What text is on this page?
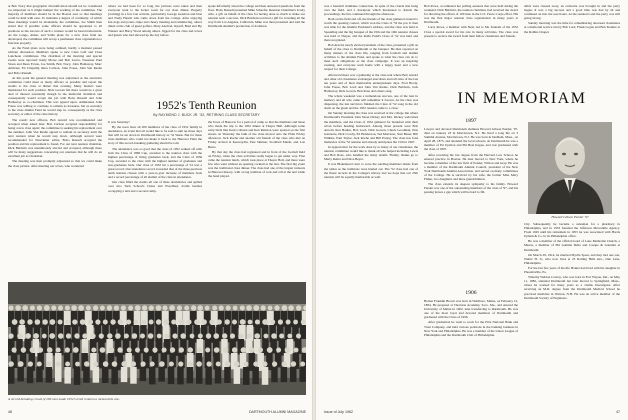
at Bob Tracy that geographic diversification should not be considered too important as it might hamper the working of the committee. The majority of members should be in the Boston area so that meetings could be held with ease. To maintain a degree of continuity, of which these meetings would be invaluable, the committee, Joe Smith then stated that if possible some officers should be appointed to all positions as the success of such a venture would be heard nationwide. As the Lange, Alden, and Sabin plans for a new class fund are developed, the committee will set up a permanent class organization to function properly.

As the Fund plans were being outlined, hardly a moment passed without discussion. Members spoke to new Class Golf and Class Luncheon committees. The chairman of the morning and special events were reported: Kelly Morse and Bob Lewis, Treasurer Paul Sloan and Dean Evans, Joe Smith, Bob Tracy, John Hathaway, Marc Ambrust, Ed Cinquilly, Russ Carlson, John Fouse, John Van Raalte and Bobo Russell.

At this point the general meeting was adjourned as the executive committee could meet as many officers as possible and report the results to the class at dinner that evening. Many matters were mentioned for each position. Dick Gowen felt there would be a great deal of interest eventually though in the memorial chairman and consequently would accept the job with Bobo Russell and John Hathaway as co-chairmen. This was agreed upon. Admiralsen John Fouse was willing to continue to remain as treasurer, but as secretary to the class alumni Fund he would step in, consequently as the class secretary or editor of the class history.

The result: new officers, Bob Arnold was recommended and accepted when asked later. Bob Carlson accepted responsibility for being a new class agent; the committee is seeking his replacement over the summer. John Van Raalte agreed to remain as secretary until the next reunion when he would step down. Although several were recommended for Newsletter editor, Bobo Russell accepted the position and his replacement is found. For our next reunion chairman, Dick Baldwin was unanimously elected and accepted, although there will be many suggestions concerning our reunions that he will do an excellent job as Chairman.

The meeting was then promptly adjourned so that we could make the class picture. After meeting our wives, who wondered

where we had been for so long, the pictures were taken and then everyone went to the locker room for our class dinner. Hogerty (coming) in a few late arrivals, particularly George Gendron and Don and Trudy Hewitt who came down from the cottage. After enjoying fun dogs and potato chips and cheery meeting and reminiscing, others dined at the club of guest golfers, Mary Axelrod, myself, Brad and Pip Wanzer and Harry Wood among others. Jigged for the class and wives and guests who had showed up the day before.

spoke informally about the college and then answered questions from the floor. Bobo Russell presented Mike Schaefer, Reunion Chairman's lovely wife, a gift on behalf of the class for having done so much to make our reunion such a success. Dick Baldwin received a gift for traveling all the way from Los Angeles, California. Mike was then presented and said the Dartmouth Alumni's production of Al Ahern.

1952's Tenth Reunion
By RAYMOND J. BUCK JR. '52, RETIRING CLASS SECRETARY

It was Saturday!

By the noon hour all 200 members of the class of 1952 family in attendance, an event that all would like to be said to sum up those days that will be set down in Dartmouth history as '52 Week. But for these class members who could not make it back to the Hanover Plain the story of this record-breaking gathering should be told.

The attendance was so good that the class of 1952 walked off with both the Class of 1896 Cup, awarded to the reunion class with the highest percentage of living graduates back, and the Class of 1936 Cup, awarded to the class with the highest number of graduates and non-graduates back. Our class of 1952 hit a percentage of 54 was a great record. Our attendance record exceeded that of the three previous tenth reunion classes with a year-to-year increase of members back and a record percentage of all alumni of the class in attendance.

Our class filled the dorms all one of three dormitories and spilled over into Tuck School's Chase and Woodbury dorms besides occupying a tent and a second camp.

the Town of Hanover for a period of camp so that the members and those who made the trip to the 1952 dinner at Thayer Hall. Although some early birds like Kent Colburn and Ken Remson were spotted on the first streets on Thursday the bulk of the class moved onto the Plain Friday afternoon. Jack Roche and another old friends of the class who met on Friday arrived at Keewaydin, Pete Skinner, Stoddard Marsh, and Lou Beers.

By that day the class had registered and in front of the football field on Friday, when the class activities really began to get under way. First came the reunion lunch, which took place at Thayer Hall, and there were few who went without an opening cocktail at the tent. The first big event was the traditional class dinner. The class had one of the largest turnouts in Hanover history, with a long tradition of rock and roll at the tent while the band played.

A record-breaking crowd of 206 men made 1952's tenth reunion a memorable one.
46	DARTMOUTH ALUMNI MAGAZINE

was a baseball clambake connection. In spite of the clouds that hung over the field, and a downpour which threatened to drench the proceedings, the fun continued through the afternoon.

Both on the field and off, the friends of the class gathered around to watch the opening contest, which won the Class of '52 the pot. It then was time for the Alumni President's address, and the class was held at Spaulding and the big banquet of the 25th and the 10th reunion classes was held at Thayer, and the Rolfe Fund's Class of '52 was held and then recognized.

Bob Arnold, newly elected president of the class, presented a gift on behalf of the class to Dartmouth at the banquet. He then reported on many matters of the class life, ranging from football and alumni activities to the Alumni Fund, and spoke to what the class can do to meet such obligations as the class campaign. It was an inspiring evening, and everyone went home with a happy heart and a new respect for their College.

Afterward there was a gathering at the class tent where Bob Arnold and other old classmates exchanged anecdotes and tall tales of the last ten years and of their memorable undergraduate days. Fred Brody, John Fouse, Bob Loeb and John Van Raalte, Dick Baldwin, Jack Hathaway, Dick Gowen, Bob Rose and others sang.

The whole weekend was a tremendous success, one of the best in memory and all who came will remember it forever. As the class was dispersing, the last survivors finished the Class of '52 song in the old dorm on the green and the 1952 reunion came to a close.

On Sunday morning the class was received at the college Inn where Dartmouth's President John Sloan Dickey and Mrs. Dickey welcomed the members, and the Class of 1952 gathered for breakfast with their wives before heading homeward. Among those present were Bob Arnold, Ron Barker, Bob Loeb, Dick Gowen, Chuck Goodman, Pete Jeannotte, Dick Crosby, Ed Henderson, Ted Morrison, Stan Bauer, Bill Wilkins, Paul Taylor, Jack Roche and Bill Ewing. The class has fond memories of the '52 reunion and already anticipates the 15th in 1967.

In appreciation for the work done by so many of our classmates, the reunion committee would like to thank all who helped including Lewis and Bob Rose, who handled the many details. Finally, thanks go to Marty Reiter and Dave Beyer.

It was Blakemore's turn to wave the sandbag members inside from the tables as the traditions were hauled out. The '52 class had one of the finest records in the College's history and we hope that our 25th reunion will be equally memorable as well.

Bob Rowe, coordinated her polling sessions that were held during the weekend. Dick Baldwin, the reunion chairman, had received the award for directing the efforts of 100 men in the U.S. Peace Corps effort. His was the first major reunion class organization in many years at Dartmouth.

Larry Rowe, a member with Neal, led to Mr. Tennant of the 1952 Class a special award for his role in many activities. The class was present to receive the award from their fellow classmates and friends.

alibis were cleared away, an orchestra was brought in and the party began. It was a big success and a good time was had by all and continued on into the wee hours. At the reunion's end the party was still going strong.

Sunday morning was the time for remembering deceased classmates at a memorial service run by Bob Lord, Frank Logan and Bob Kramer at the Rollins Chapel.

IN MEMORIAM
1897

Lawyer and devoted Dartmouth alumnus Howard Gibson Pender, '97, died on January 23 in Morristown, N.J. He lived a long life on 3 Summit Avenue, Morristown, N.J. He was born in Dedham, Mass., on April 28, 1875, and attended the local schools. At Dartmouth he was a member of Psi Upsilon and Phi Beta Kappa, and was graduated with the class of 1897.

After receiving his law degree from the Harvard Law School, he entered practice in Boston. He later moved to New York, where he became a member of the law firm of Pender, Wilson and Gray. He was a member of the Dartmouth Alumni Council, president of the New York Dartmouth Alumni Association, and served on many committees of the College. He is survived by his wife, the former Miss Mary Fisher, two daughters and three grandchildren.

The class extends its deepest sympathy to his family. Howard Pender was one of the outstanding members of the class of '97, and his passing leaves a gap which will be hard to fill.

Howard Gibson Pender '97

City. Subsequently he became a salesman for a pharmacy in Philadelphia, and in 1933 founded the Jefferson Mercantile Agency. From 1945 until his retirement in 1955 he was associated with Harris Upham & Co. in its Philadelphia office.

He was a member of the official board of Lane Methodist Church, a Mason, a member of Phi Gamma Delta and Casque & Gauntlet at Dartmouth.

On March 29, 1914, he married Myrtle Spear, and they had one son, Walter H. Jr., who now lives at 23 Rolling Hills Ave., Oak Lane, Philadelphia.

For the last few years of his life Homer had lived with his daughter in Phoenixville, Pa.

Timothy Weldon Conroy, who was born in Fort Wayne, Ind., on May 11, 1882, attended Dartmouth but later moved to Springfield, Mass., where he worked for many years as a claims investigator. After receiving an M.D. degree from the Dartmouth Medical School he practiced medicine in Warren, N.H. He was an active member of the Dartmouth Society of Engineers.

1906

Homer Franklin Brown was born in Waldboro, Maine, on February 12, 1884. He prepared at Thornton Academy, Saco, Me., and entered the University of Maine in 1902, later transferring to Dartmouth. He was one of the most loyal and devoted members of Dartmouth and graduated with the Class of 1906.

After graduation he went to work for the First National Bank and Trust Company, and held various positions in the banking business in New York and Philadelphia. He was a member of the Union League of Philadelphia and the Dartmouth Club of Philadelphia.

Issue of July 1962	47
